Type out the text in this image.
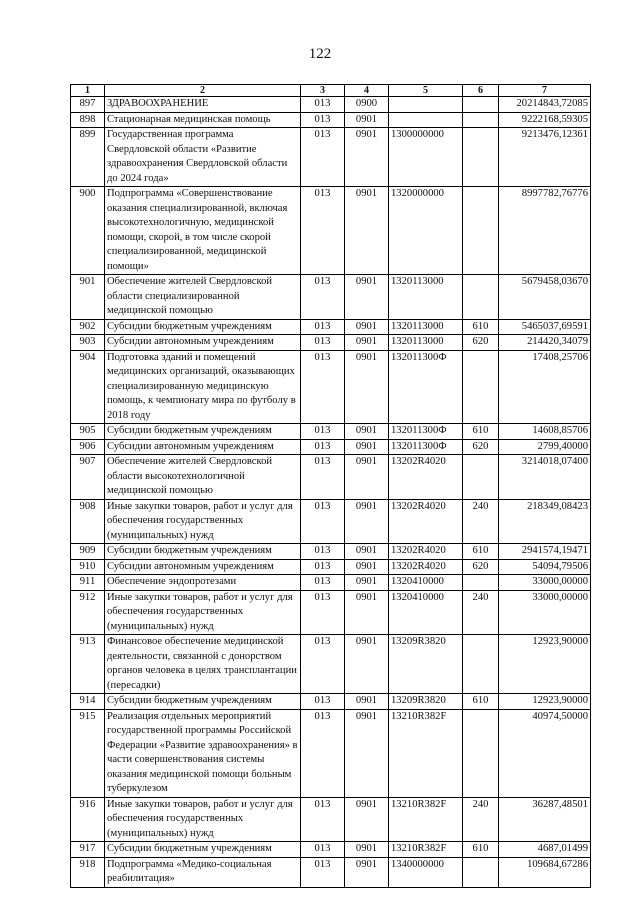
122
1	2	3	4	5	6	7
897	ЗДРАВООХРАНЕНИЕ	013	0900			20214843,72085
898	Стационарная медицинская помощь	013	0901			9222168,59305
899	Государственная программа Свердловской области «Развитие здравоохранения Свердловской области до 2024 года»	013	0901	1300000000		9213476,12361
900	Подпрограмма «Совершенствование оказания специализированной, включая высокотехнологичную, медицинской помощи, скорой, в том числе скорой специализированной, медицинской помощи»	013	0901	1320000000		8997782,76776
901	Обеспечение жителей Свердловской области специализированной медицинской помощью	013	0901	1320113000		5679458,03670
902	Субсидии бюджетным учреждениям	013	0901	1320113000	610	5465037,69591
903	Субсидии автономным учреждениям	013	0901	1320113000	620	214420,34079
904	Подготовка зданий и помещений медицинских организаций, оказывающих специализированную медицинскую помощь, к чемпионату мира по футболу в 2018 году	013	0901	132011300Ф		17408,25706
905	Субсидии бюджетным учреждениям	013	0901	132011300Ф	610	14608,85706
906	Субсидии автономным учреждениям	013	0901	132011300Ф	620	2799,40000
907	Обеспечение жителей Свердловской области высокотехнологичной медицинской помощью	013	0901	13202R4020		3214018,07400
908	Иные закупки товаров, работ и услуг для обеспечения государственных (муниципальных) нужд	013	0901	13202R4020	240	218349,08423
909	Субсидии бюджетным учреждениям	013	0901	13202R4020	610	2941574,19471
910	Субсидии автономным учреждениям	013	0901	13202R4020	620	54094,79506
911	Обеспечение эндопротезами	013	0901	1320410000		33000,00000
912	Иные закупки товаров, работ и услуг для обеспечения государственных (муниципальных) нужд	013	0901	1320410000	240	33000,00000
913	Финансовое обеспечение медицинской деятельности, связанной с донорством органов человека в целях трансплантации (пересадки)	013	0901	13209R3820		12923,90000
914	Субсидии бюджетным учреждениям	013	0901	13209R3820	610	12923,90000
915	Реализация отдельных мероприятий государственной программы Российской Федерации «Развитие здравоохранения» в части совершенствования системы оказания медицинской помощи больным туберкулезом	013	0901	13210R382F		40974,50000
916	Иные закупки товаров, работ и услуг для обеспечения государственных (муниципальных) нужд	013	0901	13210R382F	240	36287,48501
917	Субсидии бюджетным учреждениям	013	0901	13210R382F	610	4687,01499
918	Подпрограмма «Медико-социальная реабилитация»	013	0901	1340000000		109684,67286
